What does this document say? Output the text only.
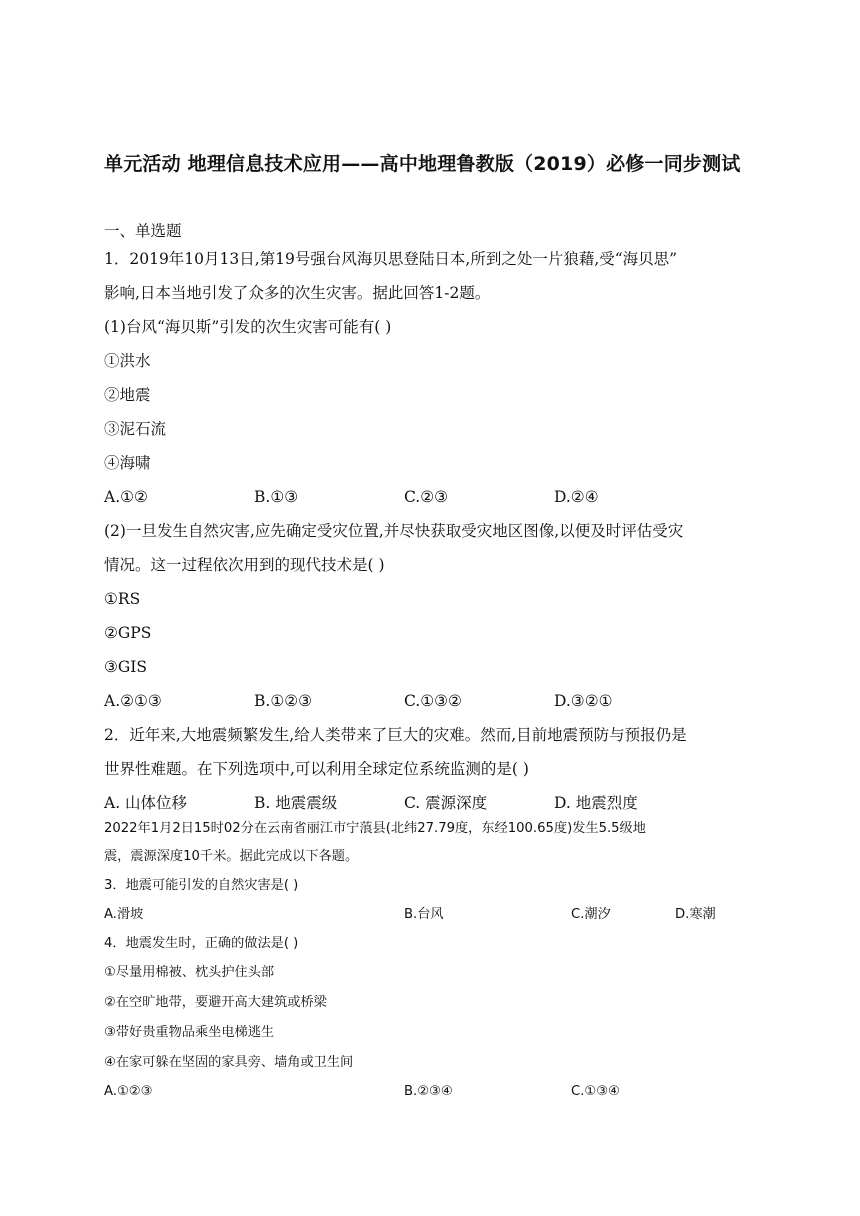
单元活动 地理信息技术应用——高中地理鲁教版（2019）必修一同步测试
一、单选题
1．2019年10月13日,第19号强台风海贝思登陆日本,所到之处一片狼藉,受“海贝思”
影响,日本当地引发了众多的次生灾害。据此回答1-2题。
(1)台风“海贝斯”引发的次生灾害可能有( )
①洪水
②地震
③泥石流
④海啸
A.①②	B.①③	C.②③	D.②④
(2)一旦发生自然灾害,应先确定受灾位置,并尽快获取受灾地区图像,以便及时评估受灾
情况。这一过程依次用到的现代技术是( )
①RS
②GPS
③GIS
A.②①③	B.①②③	C.①③②	D.③②①
2．近年来,大地震频繁发生,给人类带来了巨大的灾难。然而,目前地震预防与预报仍是
世界性难题。在下列选项中,可以利用全球定位系统监测的是( )
A. 山体位移	B. 地震震级	C. 震源深度	D. 地震烈度
2022年1月2日15时02分在云南省丽江市宁蒗县(北纬27.79度，东经100.65度)发生5.5级地
震，震源深度10千米。据此完成以下各题。
3．地震可能引发的自然灾害是( )
A.滑坡	B.台风	C.潮汐	D.寒潮
4．地震发生时，正确的做法是( )
①尽量用棉被、枕头护住头部
②在空旷地带，要避开高大建筑或桥梁
③带好贵重物品乘坐电梯逃生
④在家可躲在坚固的家具旁、墙角或卫生间
A.①②③	B.②③④	C.①③④
